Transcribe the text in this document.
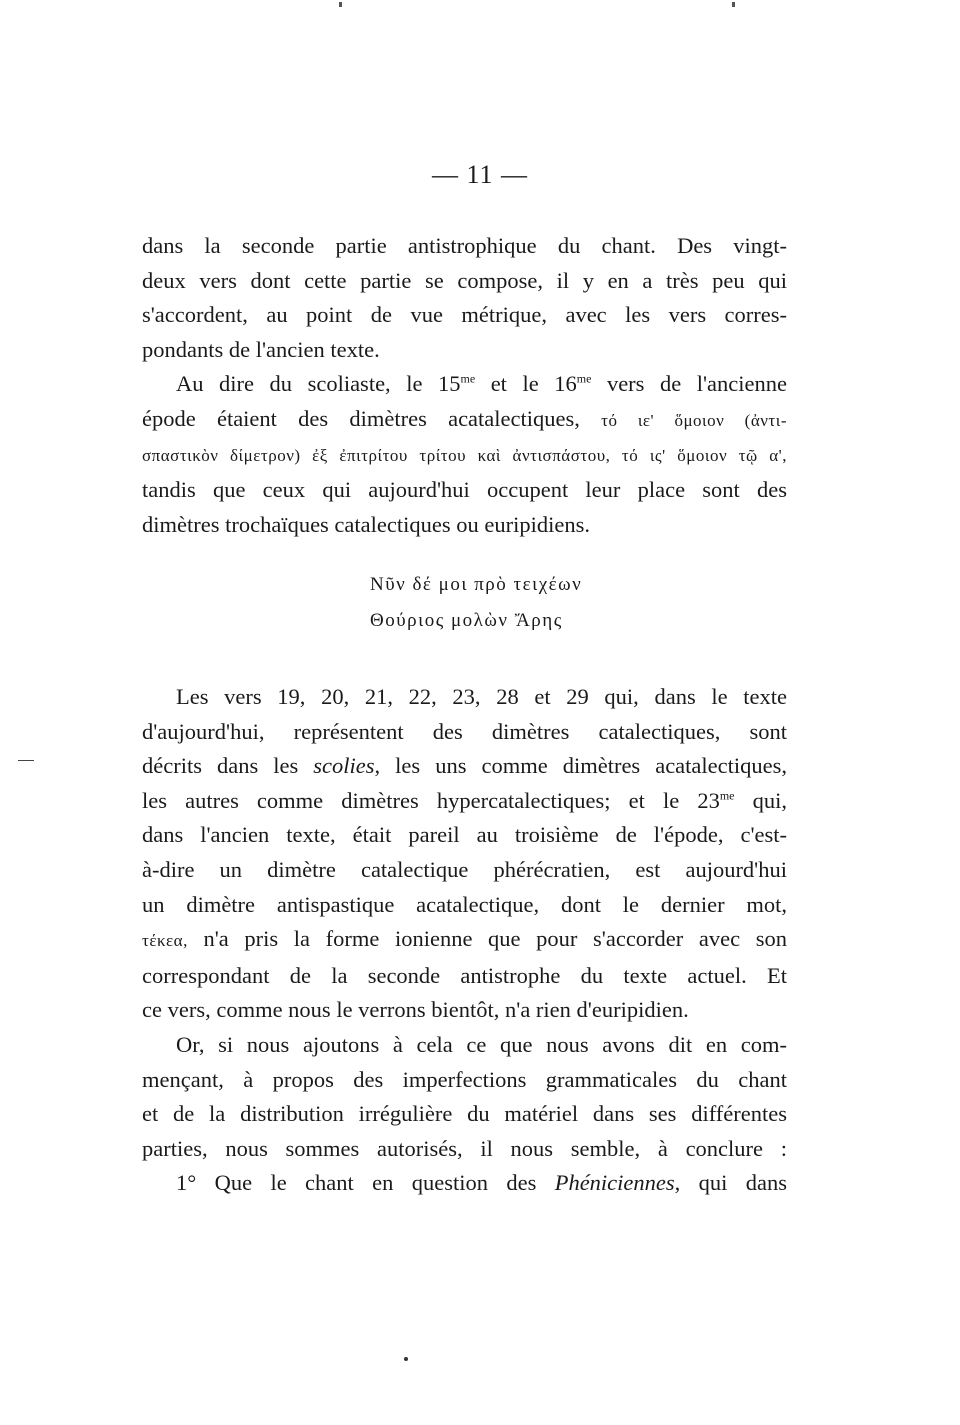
— 11 —

dans la seconde partie antistrophique du chant. Des vingt-
deux vers dont cette partie se compose, il y en a très peu qui
s'accordent, au point de vue métrique, avec les vers corres-
pondants de l'ancien texte.
Au dire du scoliaste, le $15^{me}$ et le $16^{me}$ vers de l'ancienne
épode étaient des dimètres acatalectiques, τό ιε' ὅμοιον (ἀντι-
σπαστικὸν δίμετρον) ἐξ ἐπιτρίτου τρίτου καὶ ἀντισπάστου, τό ις' ὅμοιον τῷ α',
tandis que ceux qui aujourd'hui occupent leur place sont des
dimètres trochaïques catalectiques ou euripidiens.

Νῦν δέ μοι πρὸ τειχέων
Θούριος μολὼν Ἄρης

Les vers 19, 20, 21, 22, 23, 28 et 29 qui, dans le texte
d'aujourd'hui, représentent des dimètres catalectiques, sont
décrits dans les scolies, les uns comme dimètres acatalectiques,
les autres comme dimètres hypercatalectiques; et le $23^{me}$ qui,
dans l'ancien texte, était pareil au troisième de l'épode, c'est-
à-dire un dimètre catalectique phérécratien, est aujourd'hui
un dimètre antispastique acatalectique, dont le dernier mot,
τέκεα, n'a pris la forme ionienne que pour s'accorder avec son
correspondant de la seconde antistrophe du texte actuel. Et
ce vers, comme nous le verrons bientôt, n'a rien d'euripidien.
Or, si nous ajoutons à cela ce que nous avons dit en com-
mençant, à propos des imperfections grammaticales du chant
et de la distribution irrégulière du matériel dans ses différentes
parties, nous sommes autorisés, il nous semble, à conclure :
1° Que le chant en question des Phéniciennes, qui dans
